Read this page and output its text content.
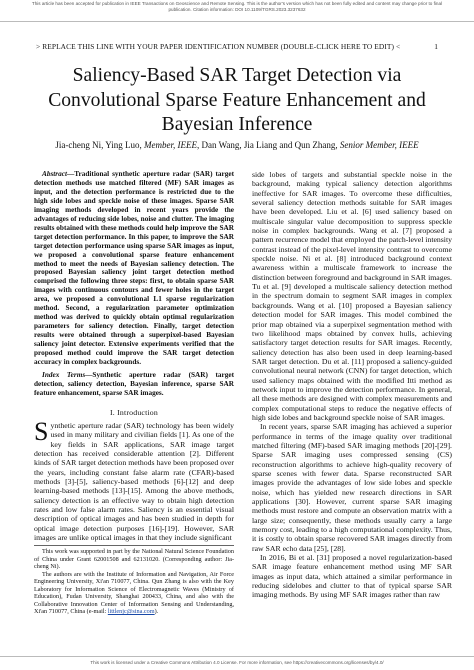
This article has been accepted for publication in IEEE Transactions on Geoscience and Remote Sensing. This is the author's version which has not been fully edited and content may change prior to final publication. Citation information: DOI 10.1109/TGRS.2023.3237632
> REPLACE THIS LINE WITH YOUR PAPER IDENTIFICATION NUMBER (DOUBLE-CLICK HERE TO EDIT) <	1
Saliency-Based SAR Target Detection via Convolutional Sparse Feature Enhancement and Bayesian Inference
Jia-cheng Ni, Ying Luo, Member, IEEE, Dan Wang, Jia Liang and Qun Zhang, Senior Member, IEEE

Abstract—Traditional synthetic aperture radar (SAR) target detection methods use matched filtered (MF) SAR images as input, and the detection performance is restricted due to the high side lobes and speckle noise of these images. Sparse SAR imaging methods developed in recent years provide the advantages of reducing side lobes, noise and clutter. The imaging results obtained with these methods could help improve the SAR target detection performance. In this paper, to improve the SAR target detection performance using sparse SAR images as input, we proposed a convolutional sparse feature enhancement method to meet the needs of Bayesian saliency detection. The proposed Bayesian saliency joint target detection method comprised the following three steps: first, to obtain sparse SAR images with continuous contours and fewer holes in the target area, we proposed a convolutional L1 sparse regularization method. Second, a regularization parameter optimization method was derived to quickly obtain optimal regularization parameters for saliency detection. Finally, target detection results were obtained through a superpixel-based Bayesian saliency joint detector. Extensive experiments verified that the proposed method could improve the SAR target detection accuracy in complex backgrounds.

Index Terms—Synthetic aperture radar (SAR) target detection, saliency detection, Bayesian inference, sparse SAR feature enhancement, sparse SAR images.

I. Introduction

Synthetic aperture radar (SAR) technology has been widely used in many military and civilian fields [1]. As one of the key fields in SAR applications, SAR image target detection has received considerable attention [2]. Different kinds of SAR target detection methods have been proposed over the years, including constant false alarm rate (CFAR)-based methods [3]-[5], saliency-based methods [6]-[12] and deep learning-based methods [13]-[15]. Among the above methods, saliency detection is an effective way to obtain high detection rates and low false alarm rates. Saliency is an essential visual description of optical images and has been studied in depth for optical image detection purposes [16]-[19]. However, SAR images are unlike optical images in that they include significant

This work was supported in part by the National Natural Science Foundation of China under Grant 62001508 and 62131020. (Corresponding author: Jia-cheng Ni).

The authors are with the Institute of Information and Navigation, Air Force Engineering University, Xi'an 710077, China. Qun Zhang is also with the Key Laboratory for Information Science of Electromagnetic Waves (Ministry of Education), Fudan University, Shanghai 200433, China, and also with the Collaborative Innovation Center of Information Sensing and Understanding, Xi'an 710077, China (e-mail: littlenjc@sina.com).

side lobes of targets and substantial speckle noise in the background, making typical saliency detection algorithms ineffective for SAR images. To overcome these difficulties, several saliency detection methods suitable for SAR images have been developed. Liu et al. [6] used saliency based on multiscale singular value decomposition to suppress speckle noise in complex backgrounds. Wang et al. [7] proposed a pattern recurrence model that employed the patch-level intensity contrast instead of the pixel-level intensity contrast to overcome speckle noise. Ni et al. [8] introduced background context awareness within a multiscale framework to increase the distinction between foreground and background in SAR images. Tu et al. [9] developed a multiscale saliency detection method in the spectrum domain to segment SAR images in complex backgrounds. Wang et al. [10] proposed a Bayesian saliency detection model for SAR images. This model combined the prior map obtained via a superpixel segmentation method with two likelihood maps obtained by convex hulls, achieving satisfactory target detection results for SAR images. Recently, saliency detection has also been used in deep learning-based SAR target detection. Du et al. [11] proposed a saliency-guided convolutional neural network (CNN) for target detection, which used saliency maps obtained with the modified Itti method as network input to improve the detection performance. In general, all these methods are designed with complex measurements and complex computational steps to reduce the negative effects of high side lobes and background speckle noise of SAR images.

In recent years, sparse SAR imaging has achieved a superior performance in terms of the image quality over traditional matched filtering (MF)-based SAR imaging methods [20]-[29]. Sparse SAR imaging uses compressed sensing (CS) reconstruction algorithms to achieve high-quality recovery of sparse scenes with fewer data. Sparse reconstructed SAR images provide the advantages of low side lobes and speckle noise, which has yielded new research directions in SAR applications [30]. However, current sparse SAR imaging methods must restore and compute an observation matrix with a large size; consequently, these methods usually carry a large memory cost, leading to a high computational complexity. Thus, it is costly to obtain sparse recovered SAR images directly from raw SAR echo data [25], [28].

In 2016, Bi et al. [31] proposed a novel regularization-based SAR image feature enhancement method using MF SAR images as input data, which attained a similar performance in reducing sidelobes and clutter to that of typical sparse SAR imaging methods. By using MF SAR images rather than raw

This work is licensed under a Creative Commons Attribution 4.0 License. For more information, see https://creativecommons.org/licenses/by/4.0/
